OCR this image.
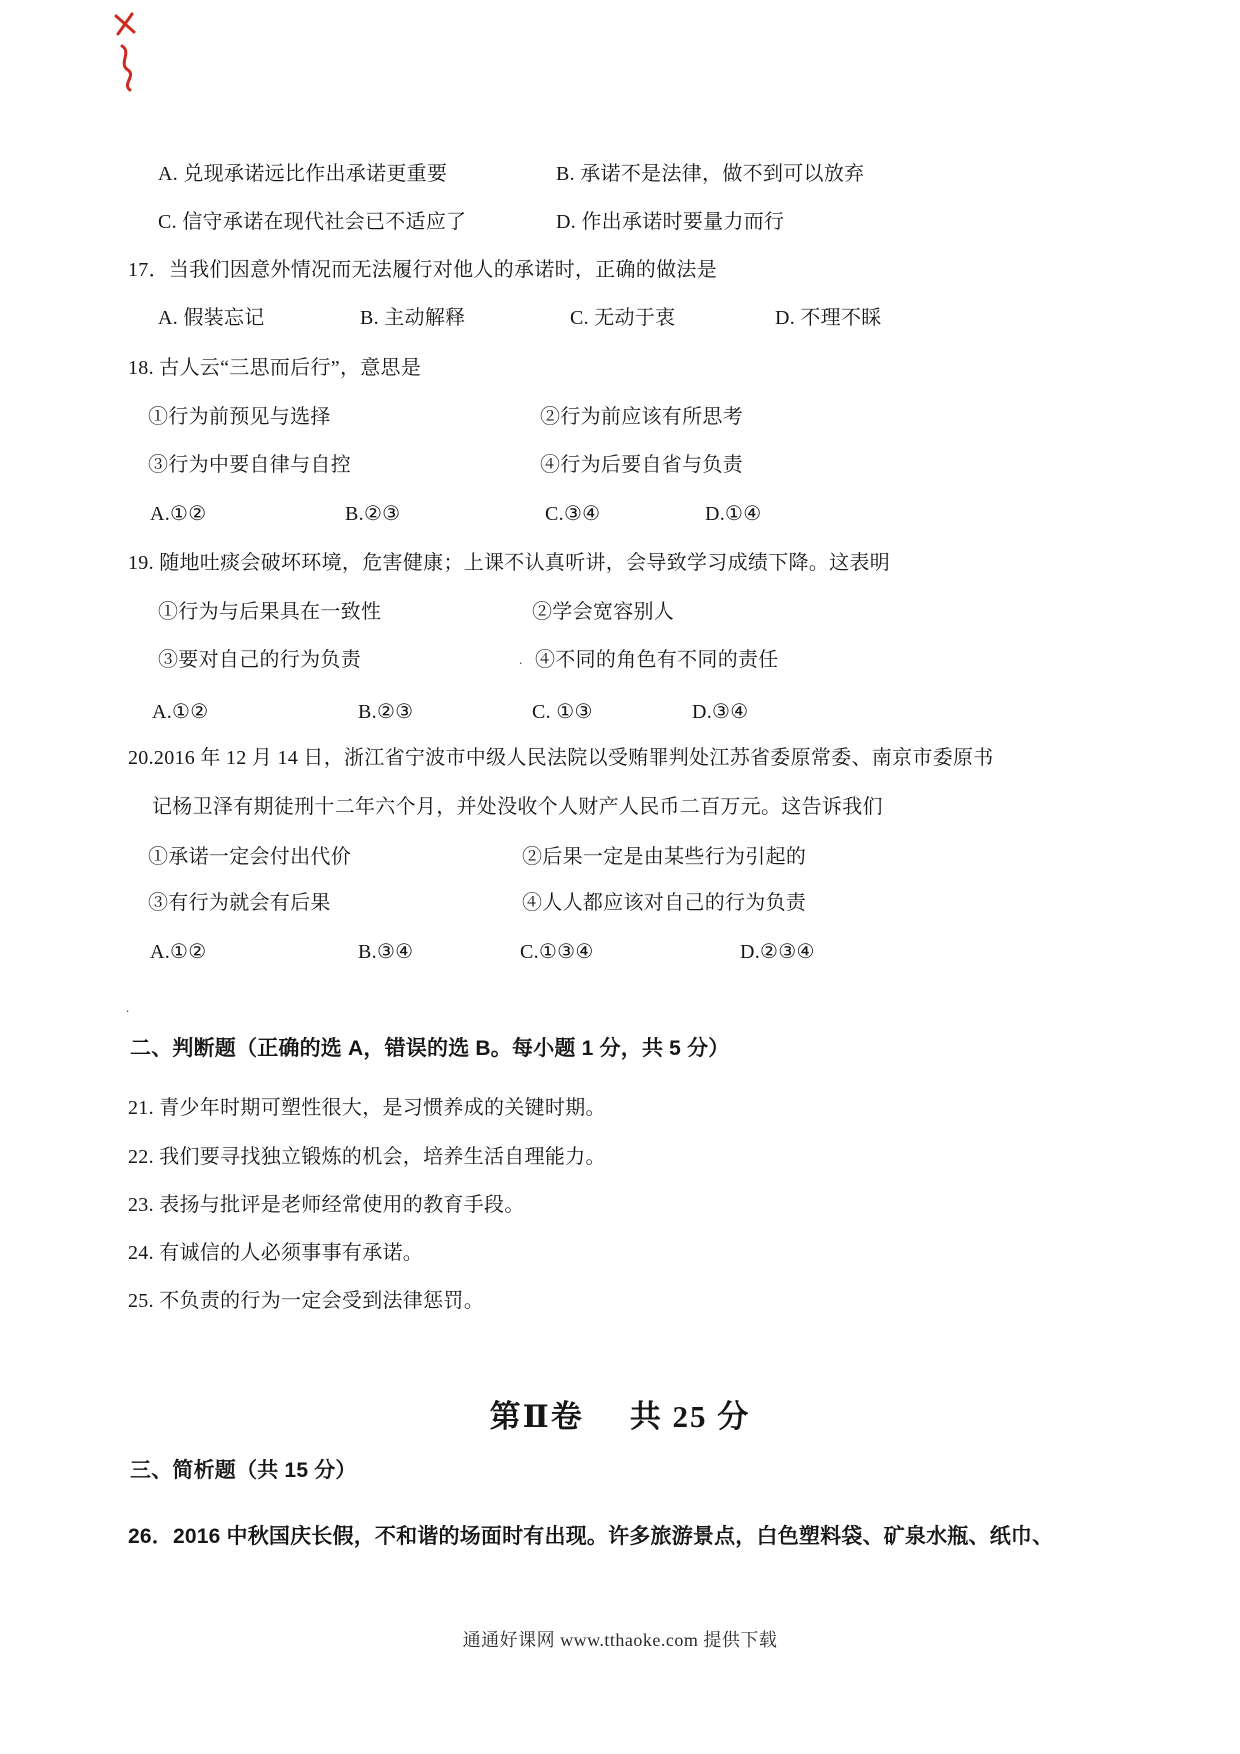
A. 兑现承诺远比作出承诺更重要	B. 承诺不是法律，做不到可以放弃
C. 信守承诺在现代社会已不适应了	D. 作出承诺时要量力而行
17．当我们因意外情况而无法履行对他人的承诺时，正确的做法是
A. 假装忘记	B. 主动解释	C. 无动于衷	D. 不理不睬
18. 古人云“三思而后行”，意思是
①行为前预见与选择	②行为前应该有所思考
③行为中要自律与自控	④行为后要自省与负责
A.①②	B.②③	C.③④	D.①④
19. 随地吐痰会破坏环境，危害健康；上课不认真听讲，会导致学习成绩下降。这表明
①行为与后果具在一致性	②学会宽容别人
③要对自己的行为负责	. ④不同的角色有不同的责任
A.①②	B.②③	C. ①③	D.③④
20.2016 年 12 月 14 日，浙江省宁波市中级人民法院以受贿罪判处江苏省委原常委、南京市委原书
记杨卫泽有期徒刑十二年六个月，并处没收个人财产人民币二百万元。这告诉我们
①承诺一定会付出代价	②后果一定是由某些行为引起的
③有行为就会有后果	④人人都应该对自己的行为负责
A.①②	B.③④	C.①③④	D.②③④
.
二、判断题（正确的选 A，错误的选 B。每小题 1 分，共 5 分）
21. 青少年时期可塑性很大，是习惯养成的关键时期。
22. 我们要寻找独立锻炼的机会，培养生活自理能力。
23. 表扬与批评是老师经常使用的教育手段。
24. 有诚信的人必须事事有承诺。
25. 不负责的行为一定会受到法律惩罚。
第Ⅱ卷 共 25 分
三、简析题（共 15 分）
26．2016 中秋国庆长假，不和谐的场面时有出现。许多旅游景点，白色塑料袋、矿泉水瓶、纸巾、
通通好课网 www.tthaoke.com 提供下载
